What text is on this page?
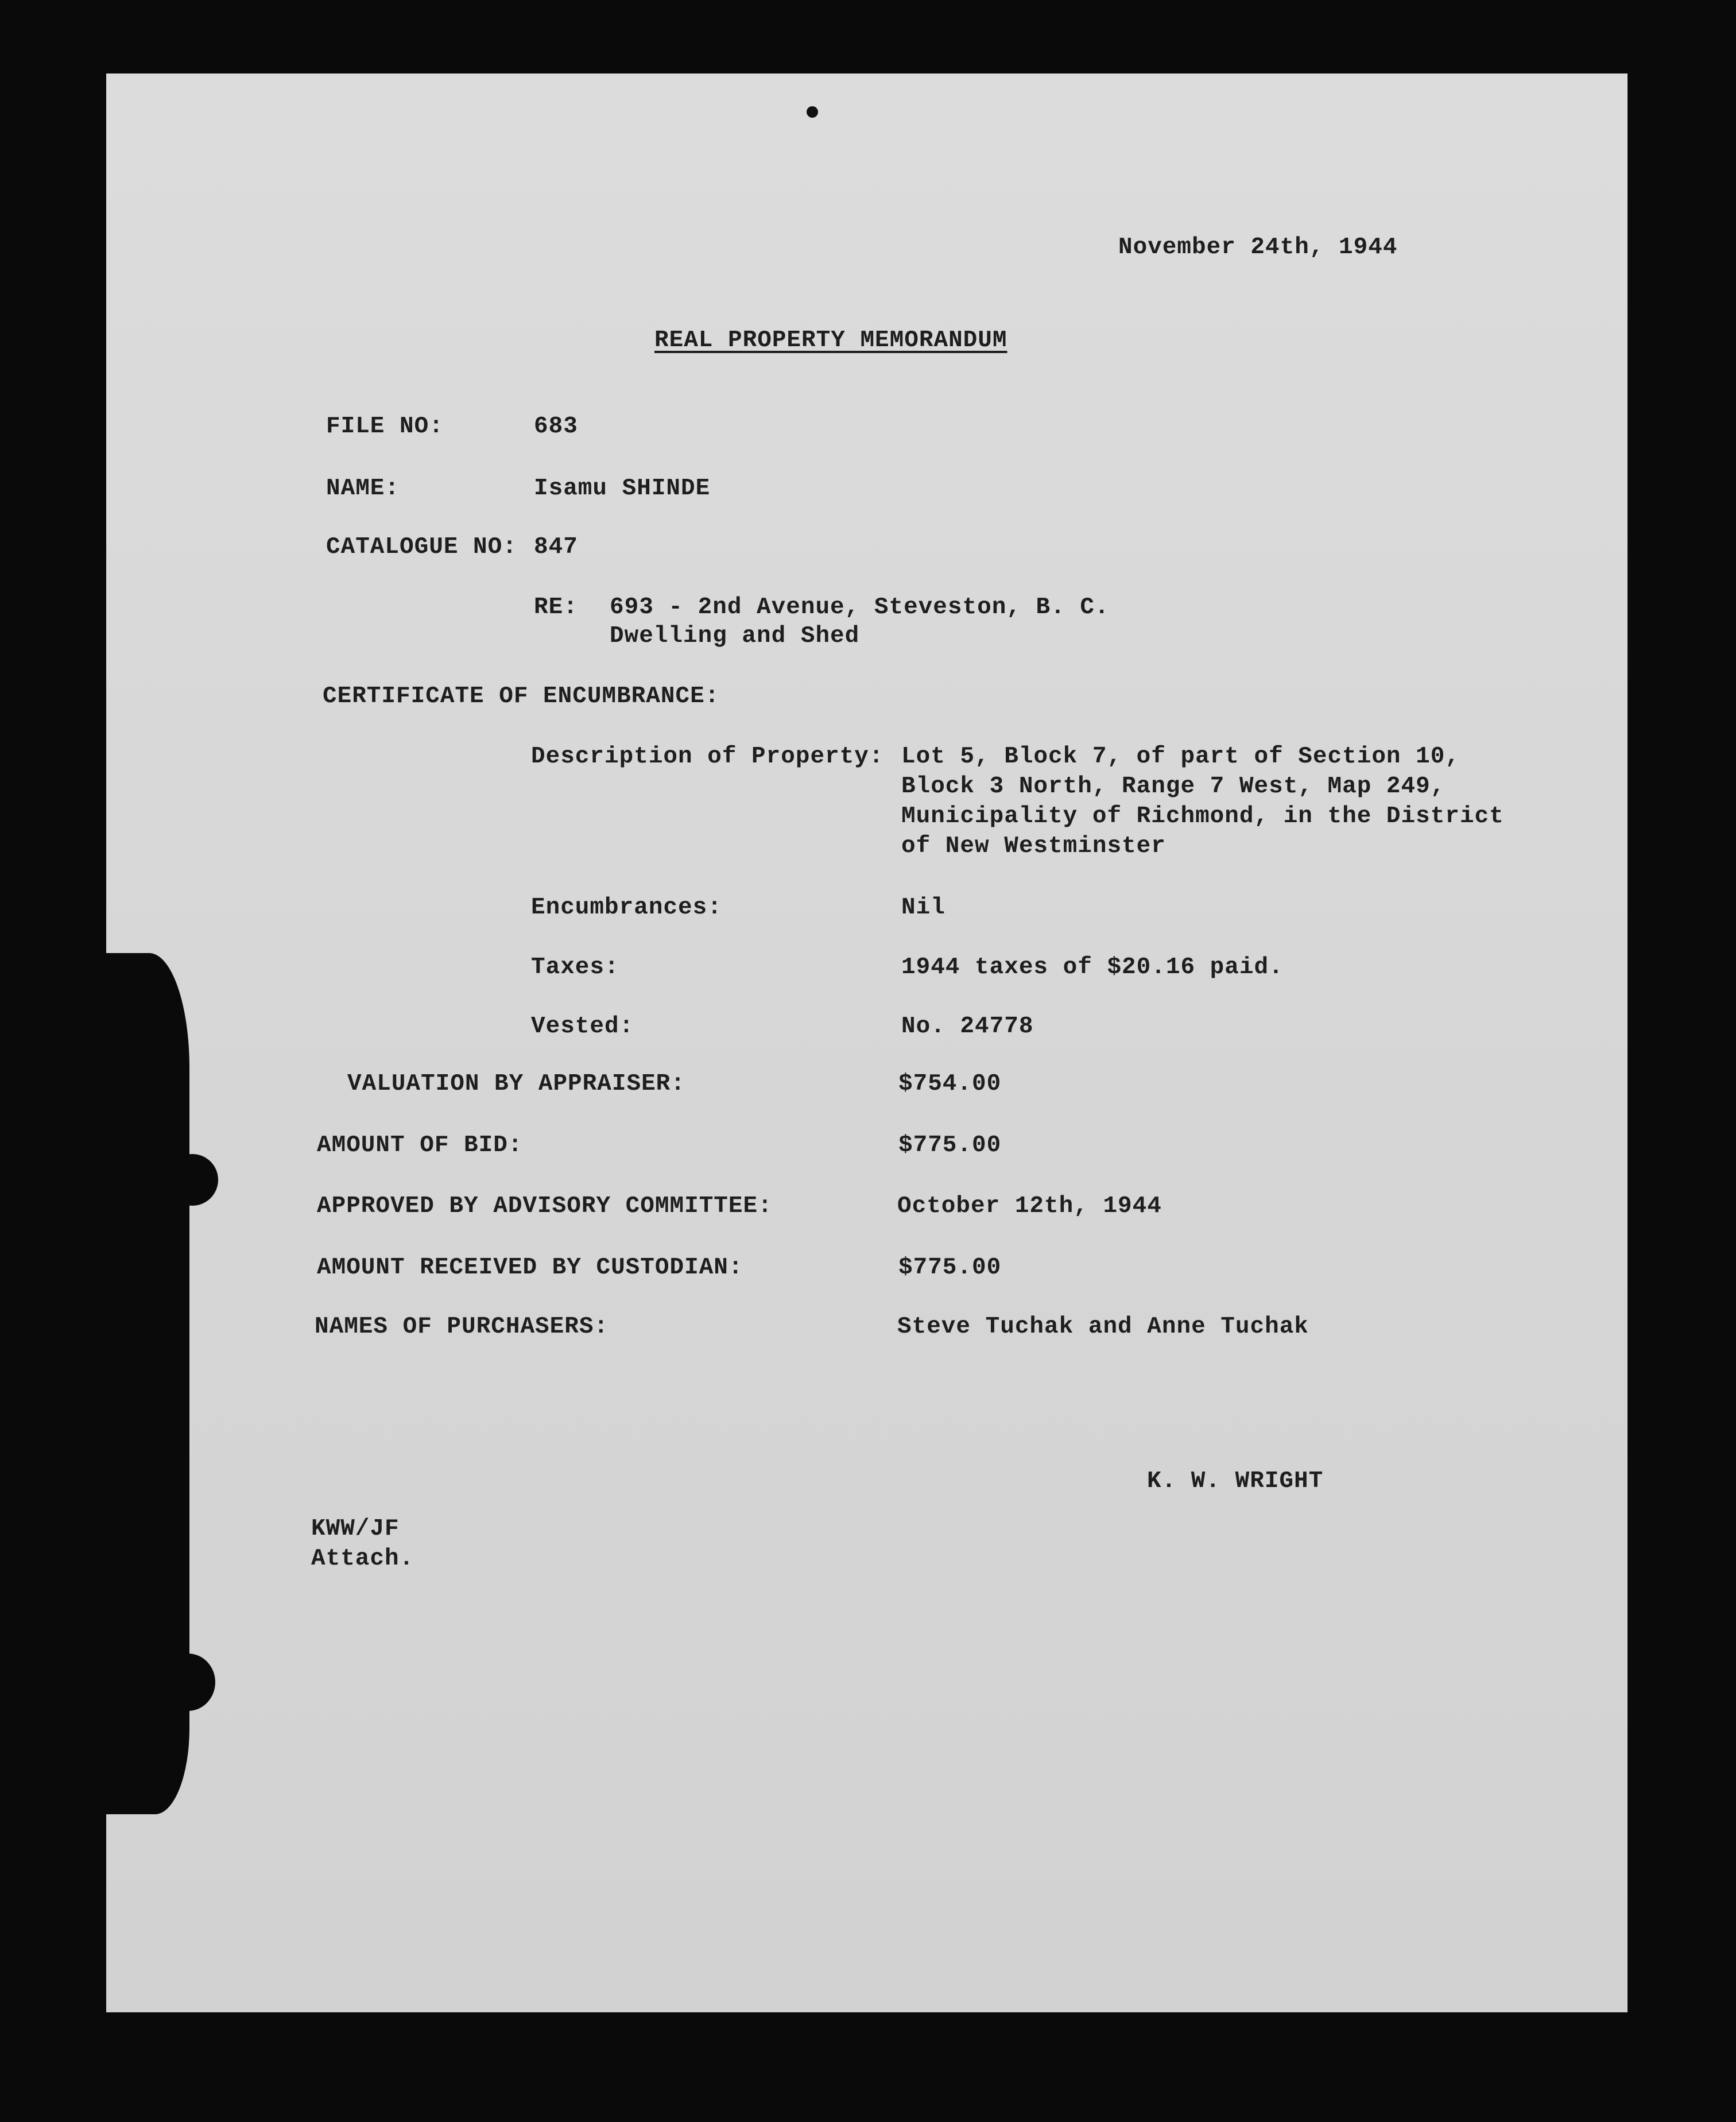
November 24th, 1944
REAL PROPERTY MEMORANDUM
FILE NO:	683
NAME:	Isamu SHINDE
CATALOGUE NO: 847
RE: 693 - 2nd Avenue, Steveston, B. C.
Dwelling and Shed
CERTIFICATE OF ENCUMBRANCE:
Description of Property: Lot 5, Block 7, of part of Section 10,
Block 3 North, Range 7 West, Map 249,
Municipality of Richmond, in the District
of New Westminster
Encumbrances:	Nil
Taxes:	1944 taxes of $20.16 paid.
Vested:	No. 24778
VALUATION BY APPRAISER:	$754.00
AMOUNT OF BID:	$775.00
APPROVED BY ADVISORY COMMITTEE:	October 12th, 1944
AMOUNT RECEIVED BY CUSTODIAN:	$775.00
NAMES OF PURCHASERS:	Steve Tuchak and Anne Tuchak
K. W. WRIGHT
KWW/JF
Attach.
